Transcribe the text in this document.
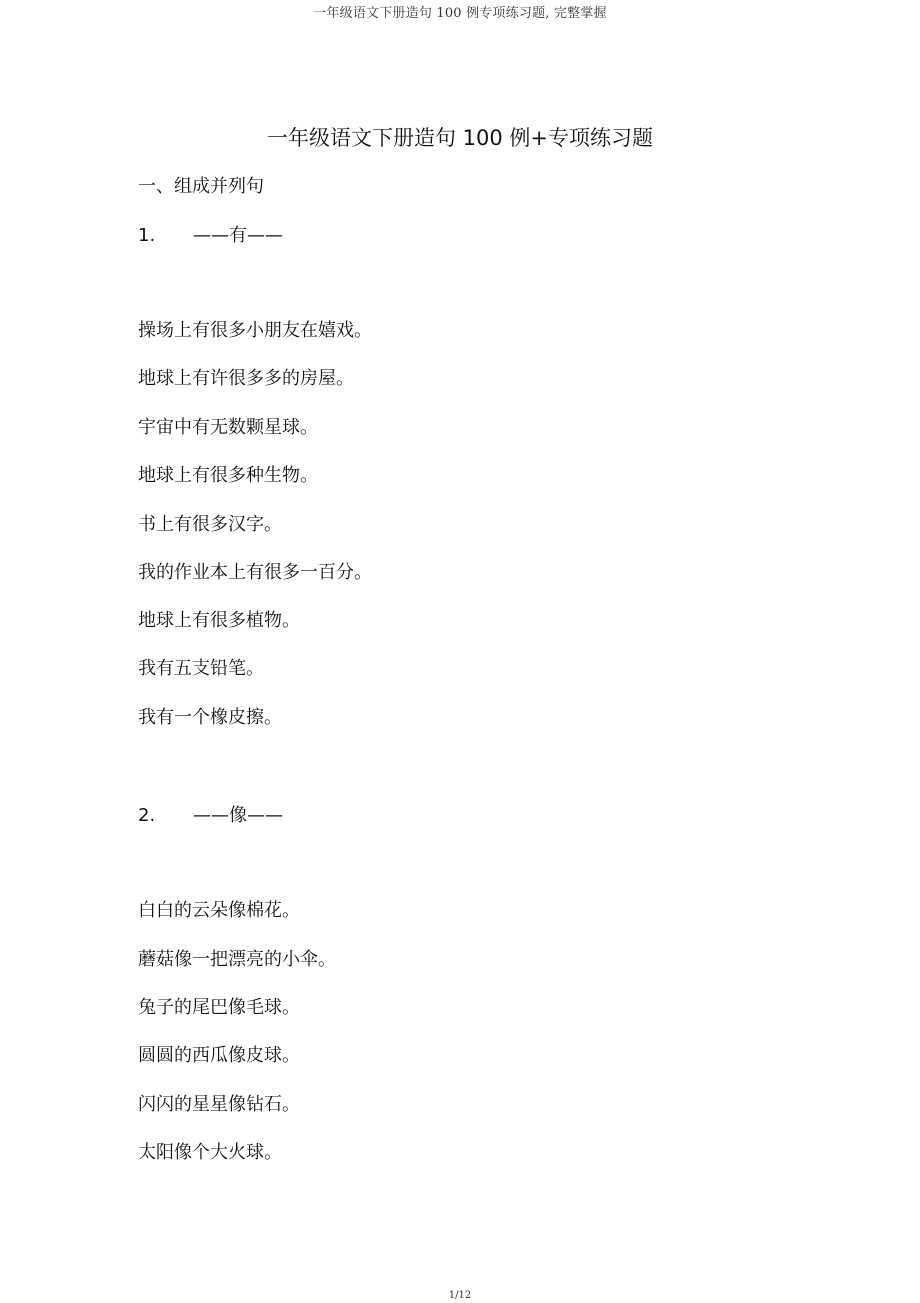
一年级语文下册造句 100 例专项练习题, 完整掌握
一年级语文下册造句 100 例+专项练习题
一、组成并列句
1. ——有——
操场上有很多小朋友在嬉戏。
地球上有许很多多的房屋。
宇宙中有无数颗星球。
地球上有很多种生物。
书上有很多汉字。
我的作业本上有很多一百分。
地球上有很多植物。
我有五支铅笔。
我有一个橡皮擦。
2. ——像——
白白的云朵像棉花。
蘑菇像一把漂亮的小伞。
兔子的尾巴像毛球。
圆圆的西瓜像皮球。
闪闪的星星像钻石。
太阳像个大火球。
1/12
